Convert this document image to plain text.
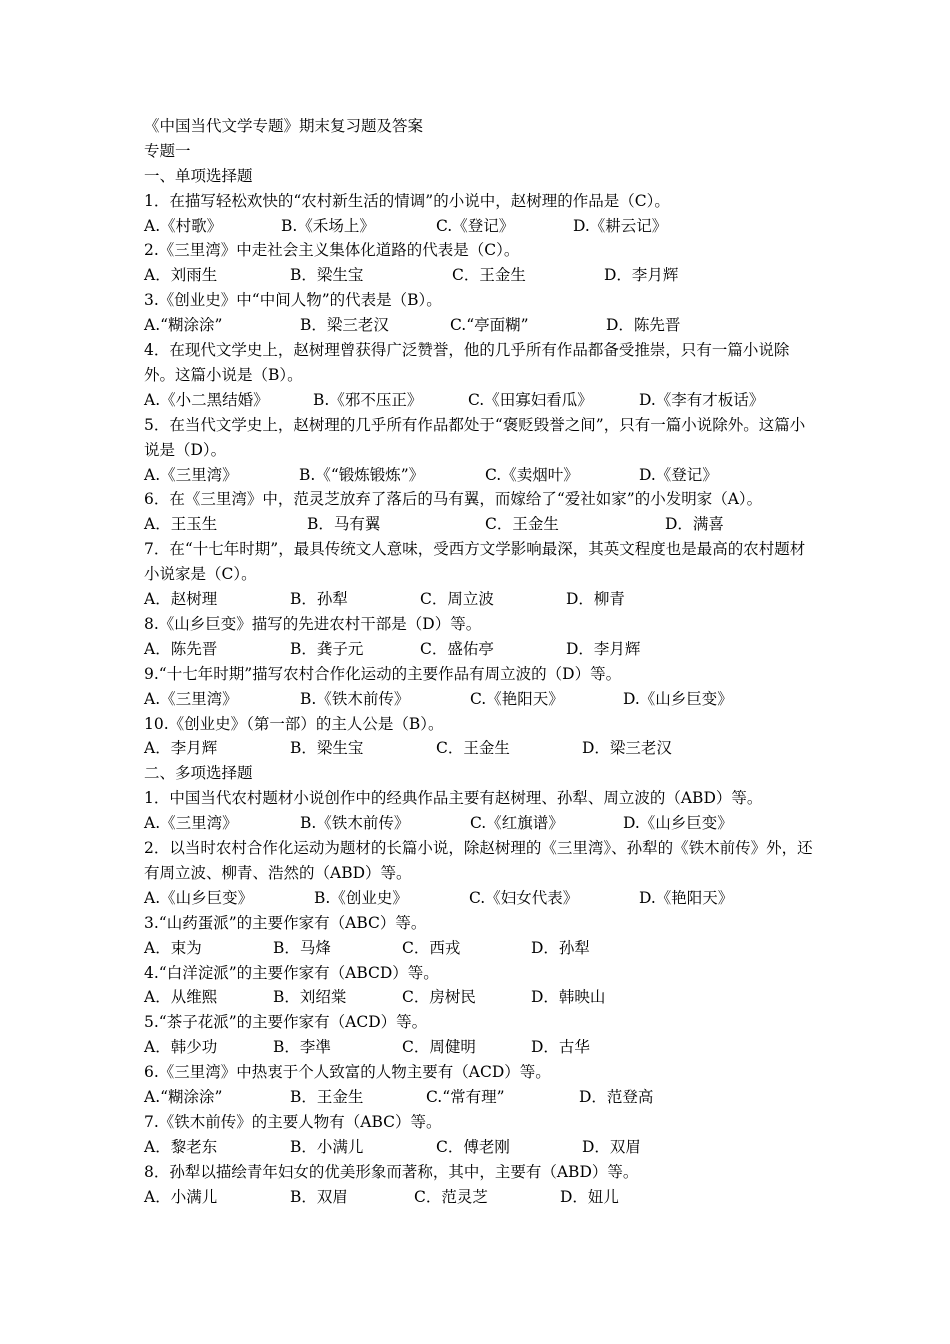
《中国当代文学专题》期末复习题及答案
专题一
一、单项选择题
1．在描写轻松欢快的“农村新生活的情调”的小说中，赵树理的作品是（C）。
A.《村歌》	B.《禾场上》	C.《登记》	D.《耕云记》
2.《三里湾》中走社会主义集体化道路的代表是（C）。
A．刘雨生	B．梁生宝	C．王金生	D．李月辉
3.《创业史》中“中间人物”的代表是（B）。
A.“糊涂涂”	B．梁三老汉	C.“亭面糊”	D．陈先晋
4．在现代文学史上，赵树理曾获得广泛赞誉，他的几乎所有作品都备受推崇，只有一篇小说除外。这篇小说是（B）。
A.《小二黑结婚》	B.《邪不压正》	C.《田寡妇看瓜》	D.《李有才板话》
5．在当代文学史上，赵树理的几乎所有作品都处于“褒贬毁誉之间”，只有一篇小说除外。这篇小说是（D）。
A.《三里湾》	B.《“锻炼锻炼”》	C.《卖烟叶》	D.《登记》
6．在《三里湾》中，范灵芝放弃了落后的马有翼，而嫁给了“爱社如家”的小发明家（A）。
A．王玉生	B．马有翼	C．王金生	D．满喜
7．在“十七年时期”，最具传统文人意味，受西方文学影响最深，其英文程度也是最高的农村题材小说家是（C）。
A．赵树理	B．孙犁	C．周立波	D．柳青
8.《山乡巨变》描写的先进农村干部是（D）等。
A．陈先晋	B．龚子元	C．盛佑亭	D．李月辉
9.“十七年时期”描写农村合作化运动的主要作品有周立波的（D）等。
A.《三里湾》	B.《铁木前传》	C.《艳阳天》	D.《山乡巨变》
10.《创业史》（第一部）的主人公是（B）。
A．李月辉	B．梁生宝	C．王金生	D．梁三老汉
二、多项选择题
1．中国当代农村题材小说创作中的经典作品主要有赵树理、孙犁、周立波的（ABD）等。
A.《三里湾》	B.《铁木前传》	C.《红旗谱》	D.《山乡巨变》
2．以当时农村合作化运动为题材的长篇小说，除赵树理的《三里湾》、孙犁的《铁木前传》外，还有周立波、柳青、浩然的（ABD）等。
A.《山乡巨变》	B.《创业史》	C.《妇女代表》	D.《艳阳天》
3.“山药蛋派”的主要作家有（ABC）等。
A．束为	B．马烽	C．西戎	D．孙犁
4.“白洋淀派”的主要作家有（ABCD）等。
A．从维熙	B．刘绍棠	C．房树民	D．韩映山
5.“茶子花派”的主要作家有（ACD）等。
A．韩少功	B．李凖	C．周健明	D．古华
6.《三里湾》中热衷于个人致富的人物主要有（ACD）等。
A.“糊涂涂”	B．王金生	C.“常有理”	D．范登高
7.《铁木前传》的主要人物有（ABC）等。
A．黎老东	B．小满儿	C．傅老刚	D．双眉
8．孙犁以描绘青年妇女的优美形象而著称，其中，主要有（ABD）等。
A．小满儿	B．双眉	C．范灵芝	D．妞儿
